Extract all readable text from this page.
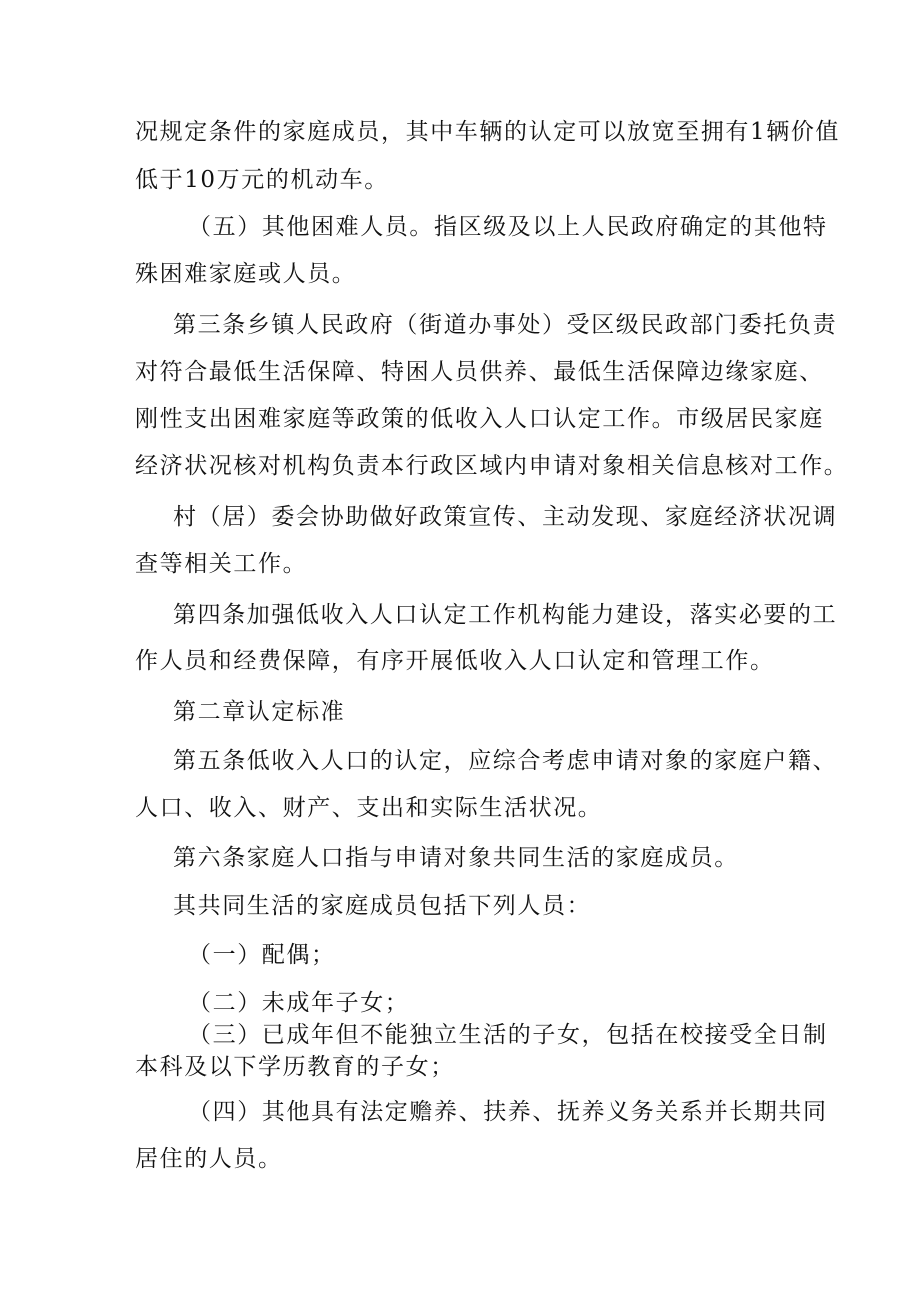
况规定条件的家庭成员，其中车辆的认定可以放宽至拥有1辆价值
低于10万元的机动车。
（五）其他困难人员。指区级及以上人民政府确定的其他特
殊困难家庭或人员。
第三条乡镇人民政府（街道办事处）受区级民政部门委托负责
对符合最低生活保障、特困人员供养、最低生活保障边缘家庭、
刚性支出困难家庭等政策的低收入人口认定工作。市级居民家庭
经济状况核对机构负责本行政区域内申请对象相关信息核对工作。
村（居）委会协助做好政策宣传、主动发现、家庭经济状况调
查等相关工作。
第四条加强低收入人口认定工作机构能力建设，落实必要的工
作人员和经费保障，有序开展低收入人口认定和管理工作。
第二章认定标准
第五条低收入人口的认定，应综合考虑申请对象的家庭户籍、
人口、收入、财产、支出和实际生活状况。
第六条家庭人口指与申请对象共同生活的家庭成员。
其共同生活的家庭成员包括下列人员：
（一）配偶；
（二）未成年子女；
（三）已成年但不能独立生活的子女，包括在校接受全日制
本科及以下学历教育的子女；
（四）其他具有法定赡养、扶养、抚养义务关系并长期共同
居住的人员。
